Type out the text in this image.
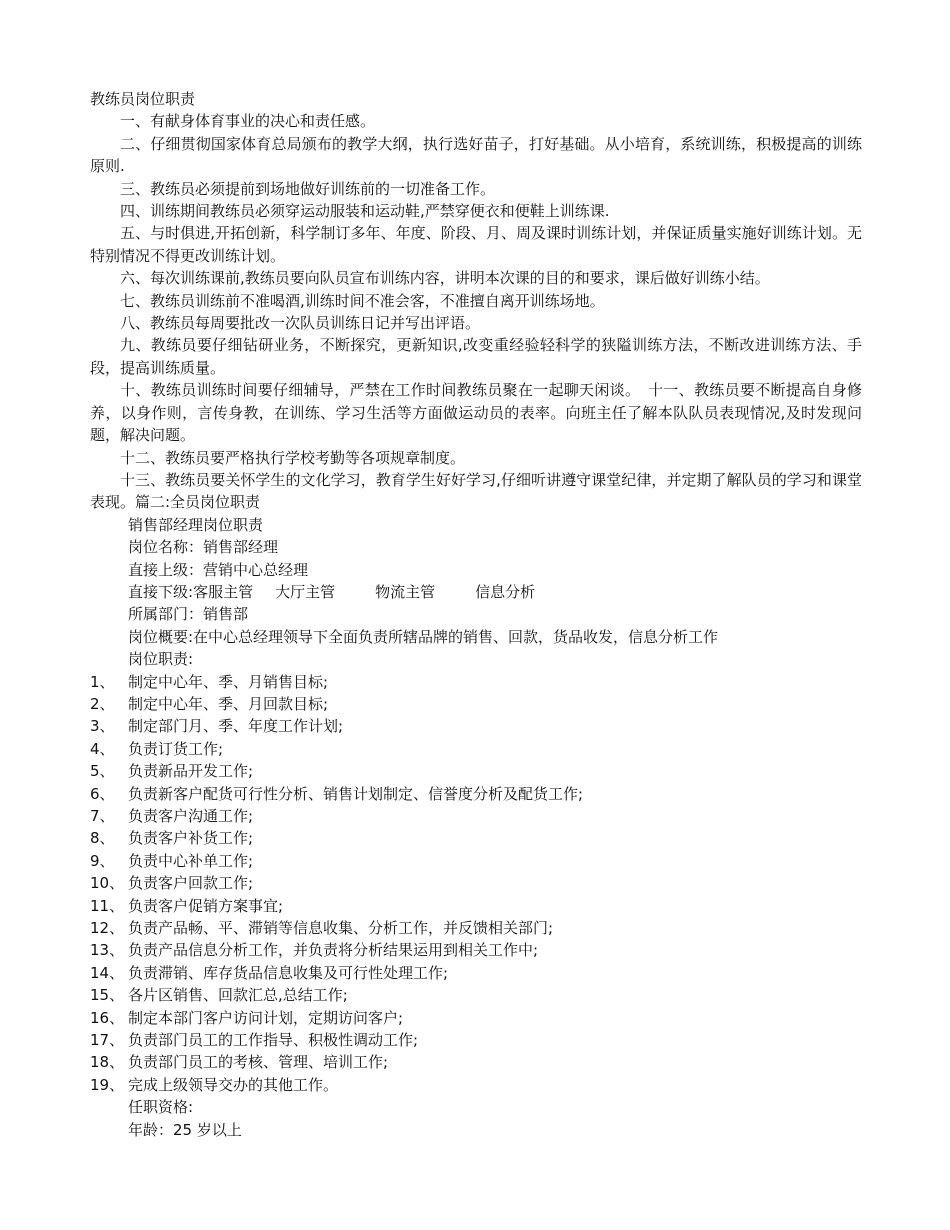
教练员岗位职责

一、有献身体育事业的决心和责任感。

二、仔细贯彻国家体育总局颁布的教学大纲，执行选好苗子，打好基础。从小培育，系统训练，积极提高的训练原则.

三、教练员必须提前到场地做好训练前的一切准备工作。

四、训练期间教练员必须穿运动服装和运动鞋,严禁穿便衣和便鞋上训练课.

五、与时俱进,开拓创新，科学制订多年、年度、阶段、月、周及课时训练计划，并保证质量实施好训练计划。无特别情况不得更改训练计划。

六、每次训练课前,教练员要向队员宣布训练内容，讲明本次课的目的和要求，课后做好训练小结。

七、教练员训练前不准喝酒,训练时间不准会客，不准擅自离开训练场地。

八、教练员每周要批改一次队员训练日记并写出评语。

九、教练员要仔细钻研业务，不断探究，更新知识,改变重经验轻科学的狭隘训练方法，不断改进训练方法、手段，提高训练质量。

十、教练员训练时间要仔细辅导，严禁在工作时间教练员聚在一起聊天闲谈。　十一、教练员要不断提高自身修养，以身作则，言传身教，在训练、学习生活等方面做运动员的表率。向班主任了解本队队员表现情况,及时发现问题，解决问题。

十二、教练员要严格执行学校考勤等各项规章制度。

十三、教练员要关怀学生的文化学习，教育学生好好学习,仔细听讲遵守课堂纪律，并定期了解队员的学习和课堂表现。篇二:全员岗位职责

销售部经理岗位职责

岗位名称：销售部经理

直接上级：营销中心总经理

直接下级:客服主管 大厅主管	物流主管	信息分析

所属部门：销售部

岗位概要:在中心总经理领导下全面负责所辖品牌的销售、回款，货品收发，信息分析工作

岗位职责:

1、 制定中心年、季、月销售目标;

2、 制定中心年、季、月回款目标;

3、 制定部门月、季、年度工作计划;

4、 负责订货工作;

5、 负责新品开发工作;

6、 负责新客户配货可行性分析、销售计划制定、信誉度分析及配货工作;

7、 负责客户沟通工作;

8、 负责客户补货工作;

9、 负责中心补单工作;

10、 负责客户回款工作;

11、 负责客户促销方案事宜;

12、 负责产品畅、平、滞销等信息收集、分析工作，并反馈相关部门;

13、 负责产品信息分析工作，并负责将分析结果运用到相关工作中;

14、 负责滞销、库存货品信息收集及可行性处理工作;

15、 各片区销售、回款汇总,总结工作;

16、 制定本部门客户访问计划，定期访问客户;

17、 负责部门员工的工作指导、积极性调动工作;

18、 负责部门员工的考核、管理、培训工作;

19、 完成上级领导交办的其他工作。

任职资格:

年龄：25 岁以上
